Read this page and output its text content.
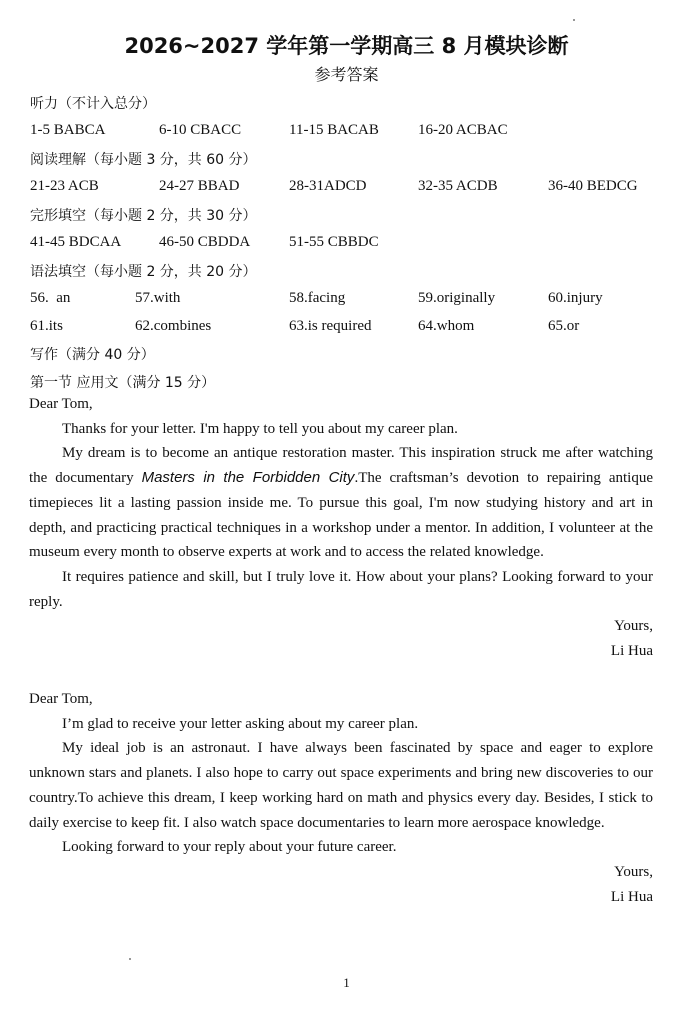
2026~2027 学年第一学期高三 8 月模块诊断
参考答案
听力（不计入总分）
1-5 BABCA	6-10 CBACC	11-15 BACAB	16-20 ACBAC
阅读理解（每小题 3 分，共 60 分）
21-23 ACB	24-27 BBAD	28-31ADCD	32-35 ACDB	36-40 BEDCG
完形填空（每小题 2 分，共 30 分）
41-45 BDCAA	46-50 CBDDA	51-55 CBBDC
语法填空（每小题 2 分，共 20 分）
56.  an	57.with	58.facing	59.originally	60.injury
61.its	62.combines	63.is required	64.whom	65.or
写作（满分 40 分）
第一节 应用文（满分 15 分）

Dear Tom,

Thanks for your letter. I'm happy to tell you about my career plan.

My dream is to become an antique restoration master. This inspiration struck me after watching the documentary Masters in the Forbidden City.The craftsman’s devotion to repairing antique timepieces lit a lasting passion inside me. To pursue this goal, I'm now studying history and art in depth, and practicing practical techniques in a workshop under a mentor. In addition, I volunteer at the museum every month to observe experts at work and to access the related knowledge.

It requires patience and skill, but I truly love it. How about your plans? Looking forward to your reply.

Yours,

Li Hua

Dear Tom,

I’m glad to receive your letter asking about my career plan.

My ideal job is an astronaut. I have always been fascinated by space and eager to explore unknown stars and planets. I also hope to carry out space experiments and bring new discoveries to our country.To achieve this dream, I keep working hard on math and physics every day. Besides, I stick to daily exercise to keep fit. I also watch space documentaries to learn more aerospace knowledge.

Looking forward to your reply about your future career.

Yours,

Li Hua

1
